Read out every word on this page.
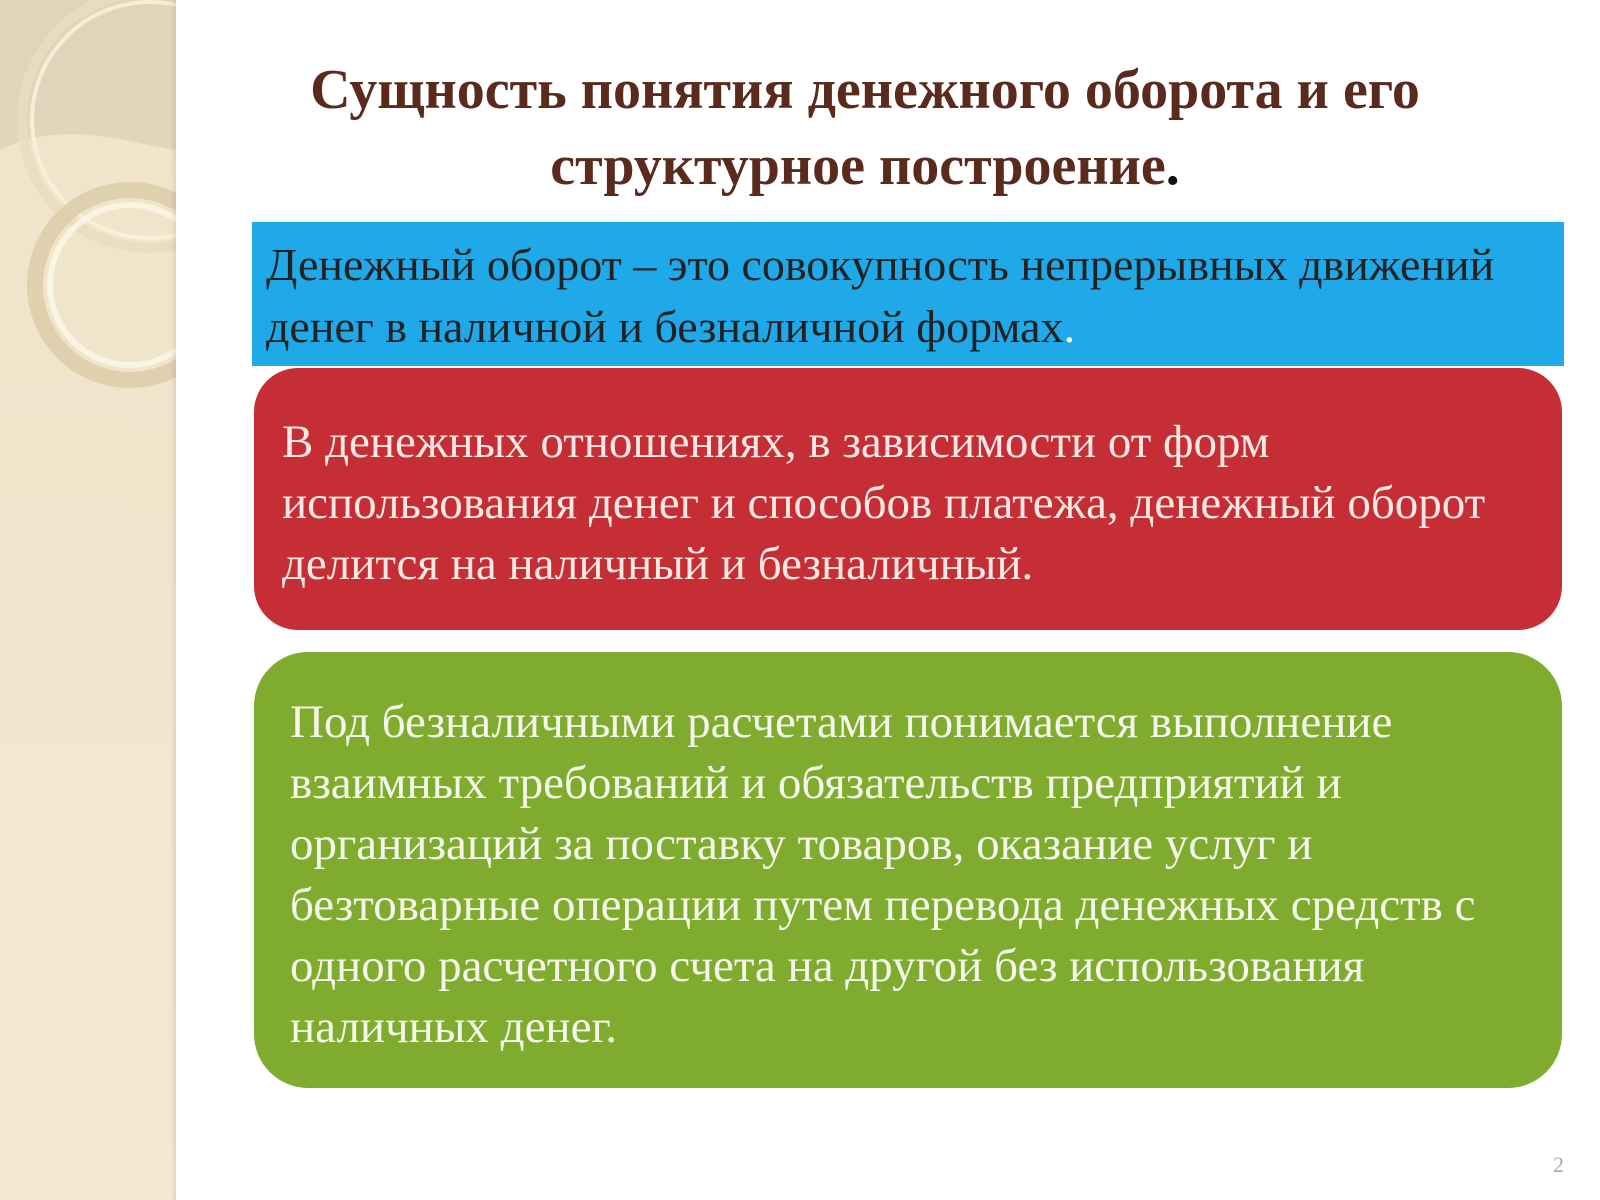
Сущность понятия денежного оборота и его структурное построение.
Денежный оборот – это совокупность непрерывных движений денег в наличной и безналичной формах.
В денежных отношениях, в зависимости от форм использования денег и способов платежа, денежный оборот делится на наличный и безналичный.
Под безналичными расчетами понимается выполнение взаимных требований и обязательств предприятий и организаций за поставку товаров, оказание услуг и безтоварные операции путем перевода денежных средств с одного расчетного счета на другой без использования наличных денег.
2
